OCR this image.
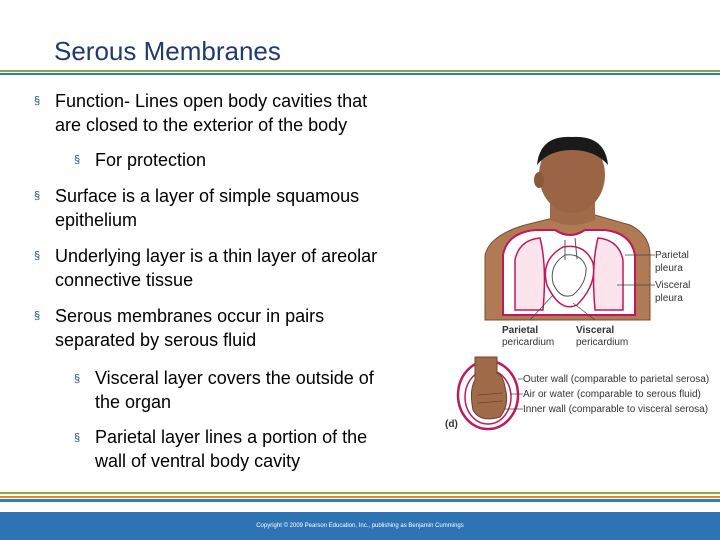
Serous Membranes
§ Function- Lines open body cavities that
are closed to the exterior of the body
§ For protection
§ Surface is a layer of simple squamous
epithelium
§ Underlying layer is a thin layer of areolar
connective tissue
§ Serous membranes occur in pairs
separated by serous fluid
§ Visceral layer covers the outside of
the organ
§ Parietal layer lines a portion of the
wall of ventral body cavity
Parietal
pleura
Visceral
pleura
Parietal
pericardium
Visceral
pericardium
Outer wall (comparable to parietal serosa)
Air or water (comparable to serous fluid)
Inner wall (comparable to visceral serosa)
(d)
Copyright © 2009 Pearson Education, Inc., publishing as Benjamin Cummings
